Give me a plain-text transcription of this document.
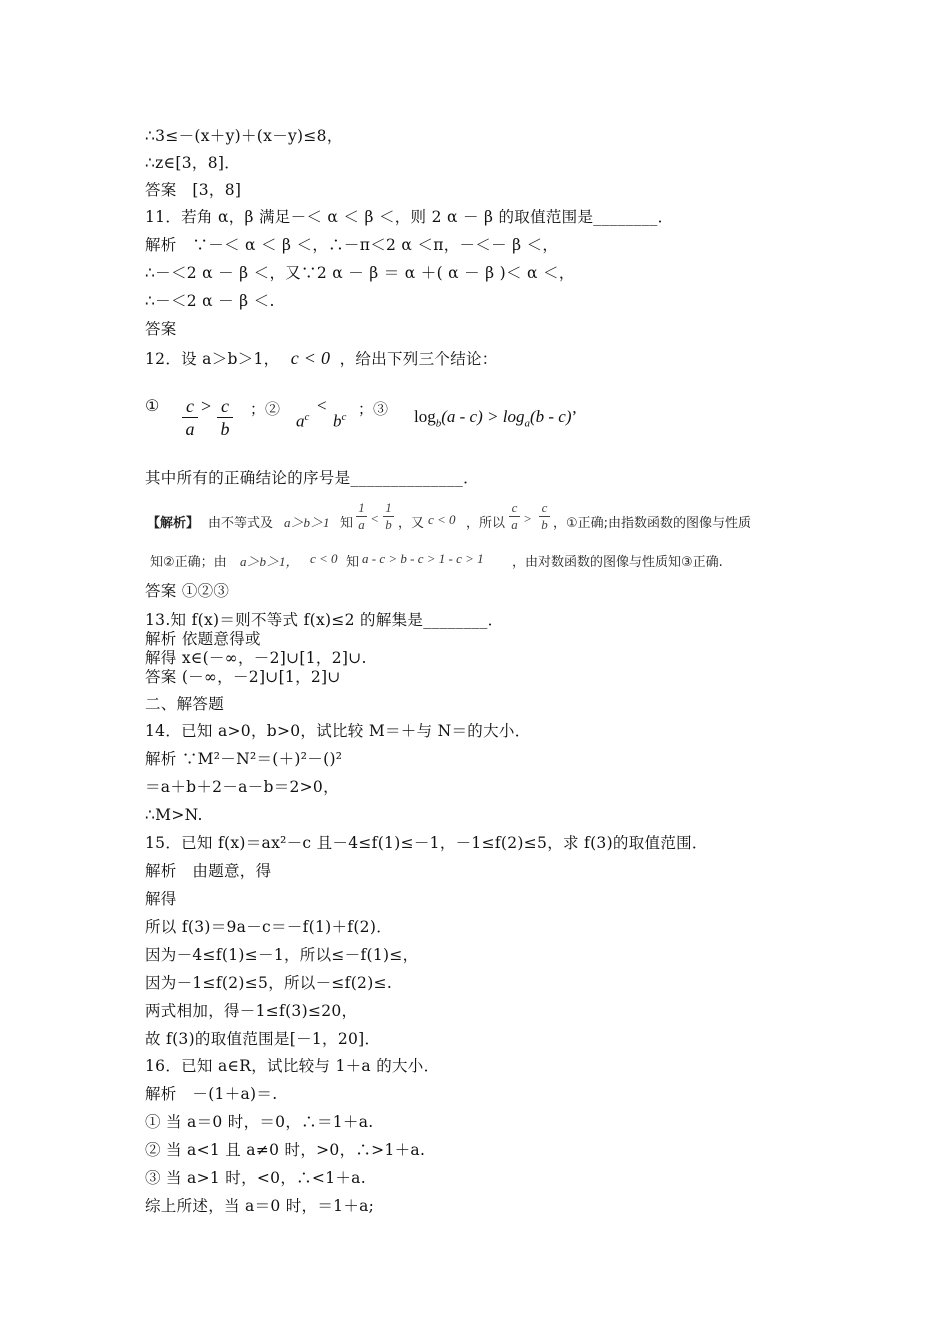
∴3≤－(x＋y)＋(x－y)≤8，
∴z∈[3，8]．
答案　[3，8]
11．若角 α，β 满足－＜ α ＜ β ＜，则 2 α － β 的取值范围是________．
解析　∵－＜ α ＜ β ＜，∴－π＜2 α ＜π，－＜－ β ＜，
∴－＜2 α － β ＜，又∵2 α － β ＝ α ＋( α － β )＜ α ＜，
∴－＜2 α － β ＜.
答案
12．设 a＞b＞1， c < 0 ，给出下列三个结论：
① c
a
> c
b
；②
$a^c$
<
$b^c$ ；③ $\log_b(a - c) > \log_a(b - c)$’
其中所有的正确结论的序号是______________．
【解析】 由不等式及 a＞b＞1 知
1
a <
1
b ，又 c < 0 ，所以
c
a >
c
b ，①正确;由指数函数的图像与性质
知②正确；由 a＞b＞1， c < 0 知 a - c > b - c > 1 - c > 1 ，由对数函数的图像与性质知③正确.
答案 ①②③
13.知 f(x)＝则不等式 f(x)≤2 的解集是________．
解析 依题意得或
解得 x∈(－∞，－2]∪[1，2]∪.
答案 (－∞，－2]∪[1，2]∪
二、解答题
14．已知 a>0，b>0，试比较 M＝＋与 N＝的大小．
解析 ∵M²－N²＝(＋)²－()²
＝a＋b＋2－a－b＝2>0，
∴M>N.
15．已知 f(x)＝ax²－c 且－4≤f(1)≤－1，－1≤f(2)≤5，求 f(3)的取值范围．
解析　由题意，得
解得
所以 f(3)＝9a－c＝－f(1)＋f(2)．
因为－4≤f(1)≤－1，所以≤－f(1)≤，
因为－1≤f(2)≤5，所以－≤f(2)≤.
两式相加，得－1≤f(3)≤20，
故 f(3)的取值范围是[－1，20]．
16．已知 a∈R，试比较与 1＋a 的大小．
解析　－(1＋a)＝.
① 当 a＝0 时，＝0，∴＝1＋a.
② 当 a<1 且 a≠0 时，>0，∴>1＋a.
③ 当 a>1 时，<0，∴<1＋a.
综上所述，当 a＝0 时，＝1＋a;
